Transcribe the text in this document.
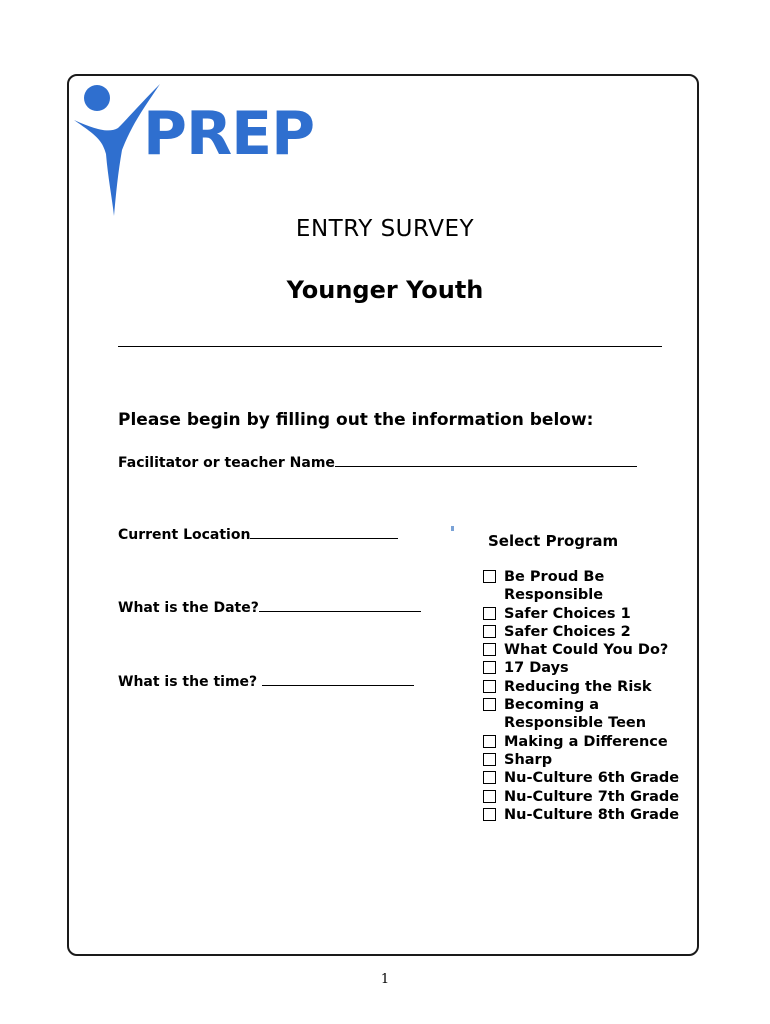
PREP
ENTRY SURVEY
Younger Youth
Please begin by filling out the information below:
Facilitator or teacher Name
Current Location
What is the Date?
What is the time?
Select Program
Be Proud Be Responsible
Safer Choices 1
Safer Choices 2
What Could You Do?
17 Days
Reducing the Risk
Becoming a Responsible Teen
Making a Difference
Sharp
Nu-Culture 6th Grade
Nu-Culture 7th Grade
Nu-Culture 8th Grade
1
